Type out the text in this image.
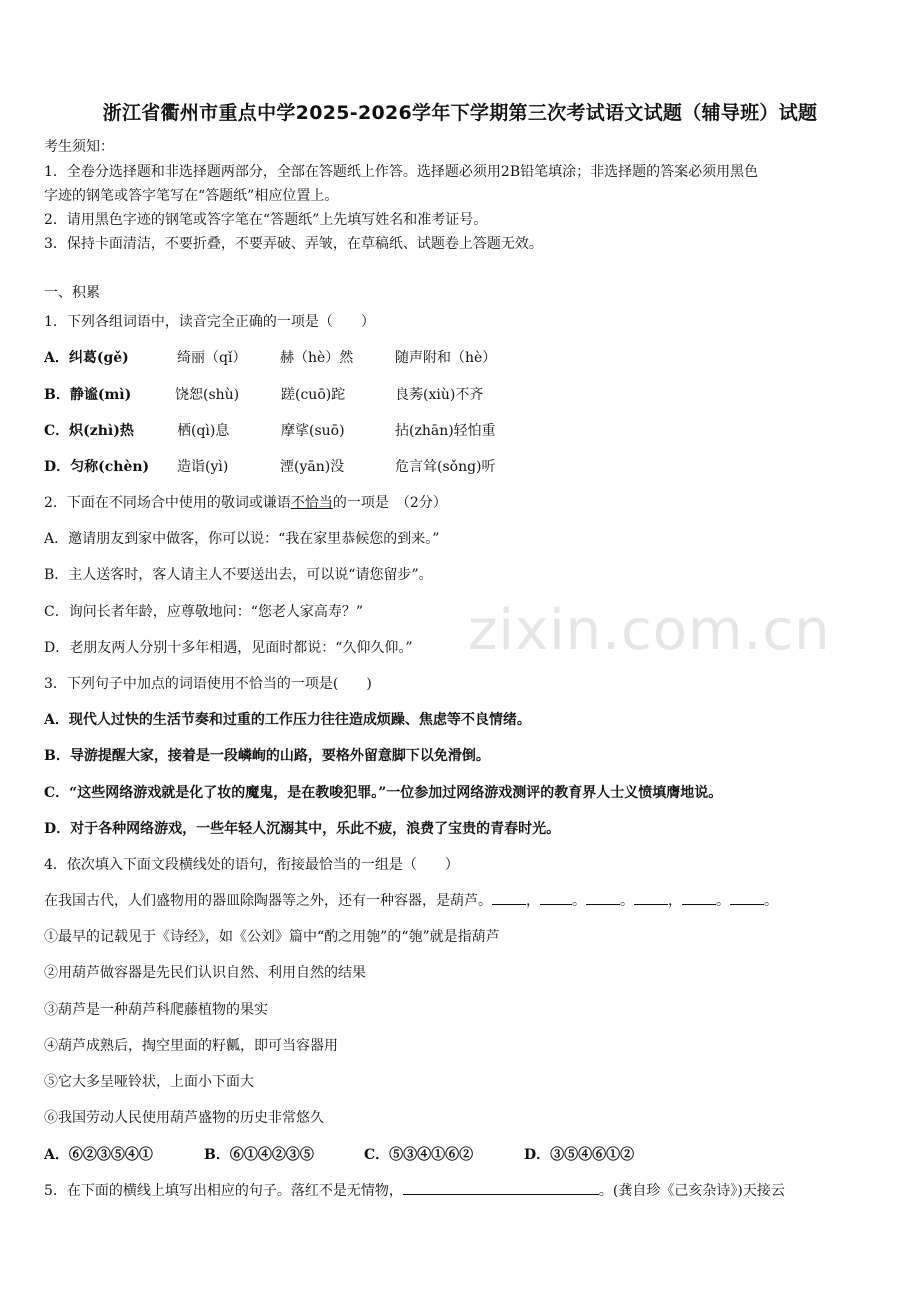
zixin.com.cn
浙江省衢州市重点中学2025-2026学年下学期第三次考试语文试题（辅导班）试题
考生须知：
1．全卷分选择题和非选择题两部分，全部在答题纸上作答。选择题必须用2B铅笔填涂；非选择题的答案必须用黑色
字迹的钢笔或答字笔写在“答题纸”相应位置上。
2．请用黑色字迹的钢笔或答字笔在“答题纸”上先填写姓名和准考证号。
3．保持卡面清洁，不要折叠，不要弄破、弄皱，在草稿纸、试题卷上答题无效。
一、积累
1．下列各组词语中，读音完全正确的一项是（　　）
A．纠葛(gě)	绮丽（qǐ） 赫（hè）然	随声附和（hè）
B．静谧(mì)	饶恕(shù)	蹉(cuō)跎	良莠(xiù)不齐
C．炽(zhì)热	栖(qì)息	摩挲(suō)	拈(zhān)轻怕重
D．匀称(chèn) 造诣(yì)	湮(yān)没	危言耸(sǒng)听
2．下面在不同场合中使用的敬词或谦语不恰当的一项是　（2分）
A．邀请朋友到家中做客，你可以说：“我在家里恭候您的到来。”
B．主人送客时，客人请主人不要送出去，可以说“请您留步”。
C．询问长者年龄，应尊敬地问：“您老人家高寿？”
D．老朋友两人分别十多年相遇，见面时都说：“久仰久仰。”
3．下列句子中加点的词语使用不恰当的一项是(　　)
A．现代人过快的生活节奏和过重的工作压力往往造成烦躁、焦虑等不良情绪。
B．导游提醒大家，接着是一段嶙峋的山路，要格外留意脚下以免滑倒。
C．“这些网络游戏就是化了妆的魔鬼，是在教唆犯罪。”一位参加过网络游戏测评的教育界人士义愤填膺地说。
D．对于各种网络游戏，一些年轻人沉溺其中，乐此不疲，浪费了宝贵的青春时光。
4．依次填入下面文段横线处的语句，衔接最恰当的一组是（　　）
在我国古代，人们盛物用的器皿除陶器等之外，还有一种容器，是葫芦。 ， 。 。 ， 。 。
①最早的记载见于《诗经》，如《公刘》篇中“酌之用匏”的“匏”就是指葫芦
②用葫芦做容器是先民们认识自然、利用自然的结果
③葫芦是一种葫芦科爬藤植物的果实
④葫芦成熟后，掏空里面的籽瓤，即可当容器用
⑤它大多呈哑铃状，上面小下面大
⑥我国劳动人民使用葫芦盛物的历史非常悠久
A．⑥②③⑤④①	B．⑥①④②③⑤	C．⑤③④①⑥②	D．③⑤④⑥①②
5．在下面的横线上填写出相应的句子。落红不是无情物，	。(龚自珍《己亥杂诗》)天接云
